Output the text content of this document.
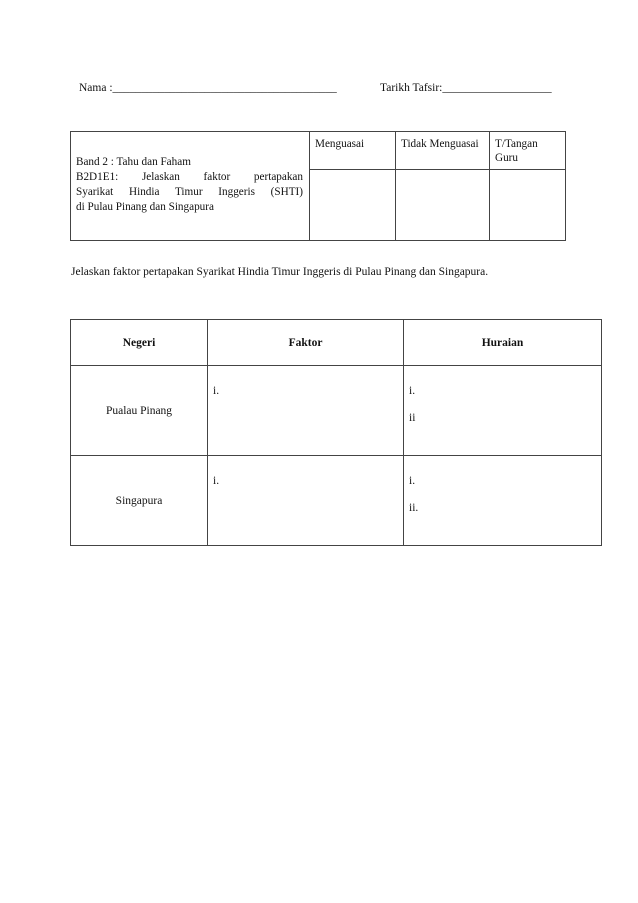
Nama :_______________________________________	Tarikh Tafsir:___________________
Band 2 : Tahu dan Faham
B2D1E1: Jelaskan faktor pertapakan
Syarikat Hindia Timur Inggeris (SHTI)
di Pulau Pinang dan Singapura	Menguasai	Tidak Menguasai	T/Tangan Guru

Jelaskan faktor pertapakan Syarikat Hindia Timur Inggeris di Pulau Pinang dan Singapura.
Negeri	Faktor	Huraian
Pualau Pinang	i.	i.
ii

Singapura	i.	i.
ii.
